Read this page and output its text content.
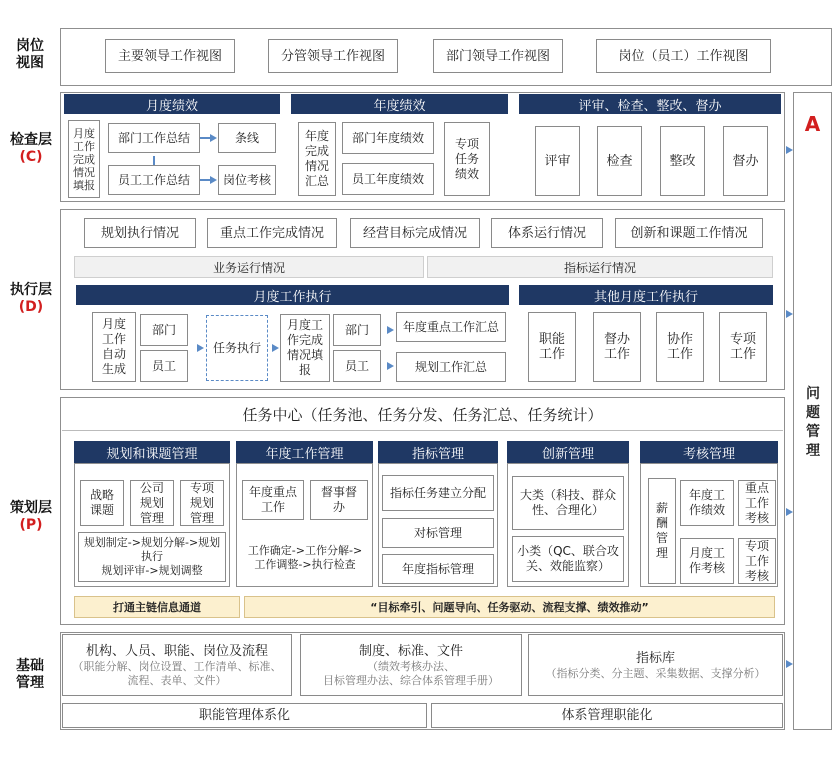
岗位视图
检查层
(C)
执行层
(D)
策划层
(P)
基础管理
主要领导工作视图	分管领导工作视图	部门领导工作视图	岗位（员工）工作视图
A
问题管理
月度绩效
月度工作完成情况填报
部门工作总结	条线
员工工作总结	岗位考核
年度绩效
年度完成情况汇总
部门年度绩效
员工年度绩效
专项任务绩效
评审、检查、整改、督办
评审	检查	整改	督办
规划执行情况	重点工作完成情况	经营目标完成情况	体系运行情况	创新和课题工作情况
业务运行情况	指标运行情况
月度工作执行
月度工作自动生成
部门
员工
任务执行
月度工作完成情况填报
部门
员工
年度重点工作汇总
规划工作汇总
其他月度工作执行
职能工作
督办工作
协作工作
专项工作
任务中心（任务池、任务分发、任务汇总、任务统计）
规划和课题管理
战略课题
公司规划管理
专项规划管理
规划制定->规划分解->规划执行
规划评审->规划调整
年度工作管理
年度重点工作
督事督办
工作确定->工作分解->
工作调整->执行检查
指标管理
指标任务建立分配
对标管理
年度指标管理
创新管理
大类（科技、群众性、合理化）
小类（QC、联合攻关、效能监察）
考核管理
薪酬管理
年度工作绩效
月度工作考核
重点工作考核
专项工作考核
打通主链信息通道	“目标牵引、问题导向、任务驱动、流程支撑、绩效推动”
机构、人员、职能、岗位及流程
（职能分解、岗位设置、工作清单、标准、流程、表单、文件）
制度、标准、文件
（绩效考核办法、
目标管理办法、综合体系管理手册）
指标库
（指标分类、分主题、采集数据、支撑分析）
职能管理体系化	体系管理职能化
